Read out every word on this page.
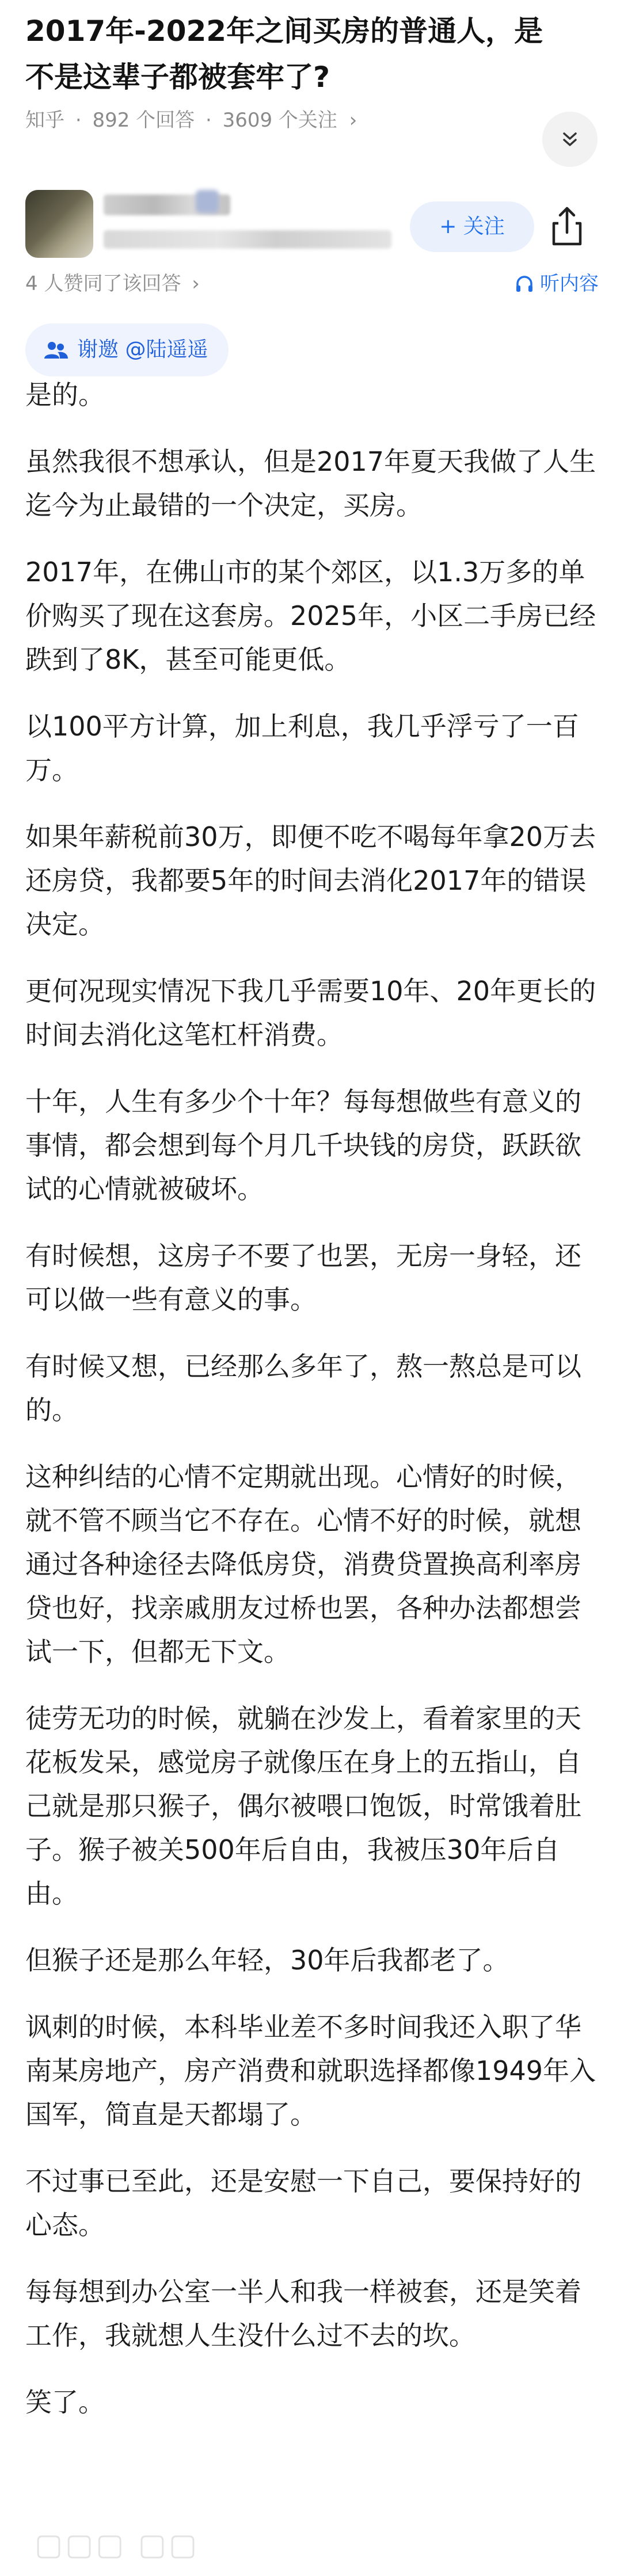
2017年-2022年之间买房的普通人，是不是这辈子都被套牢了?
知乎 · 892 个回答 · 3609 个关注 ›
+ 关注
4 人赞同了该回答 ›	听内容
谢邀 @陆遥遥

是的。

虽然我很不想承认，但是2017年夏天我做了人生迄今为止最错的一个决定，买房。

2017年，在佛山市的某个郊区，以1.3万多的单价购买了现在这套房。2025年，小区二手房已经跌到了8K，甚至可能更低。

以100平方计算，加上利息，我几乎浮亏了一百万。

如果年薪税前30万，即便不吃不喝每年拿20万去还房贷，我都要5年的时间去消化2017年的错误决定。

更何况现实情况下我几乎需要10年、20年更长的时间去消化这笔杠杆消费。

十年，人生有多少个十年？每每想做些有意义的事情，都会想到每个月几千块钱的房贷，跃跃欲试的心情就被破坏。

有时候想，这房子不要了也罢，无房一身轻，还可以做一些有意义的事。

有时候又想，已经那么多年了，熬一熬总是可以的。

这种纠结的心情不定期就出现。心情好的时候，就不管不顾当它不存在。心情不好的时候，就想通过各种途径去降低房贷，消费贷置换高利率房贷也好，找亲戚朋友过桥也罢，各种办法都想尝试一下，但都无下文。

徒劳无功的时候，就躺在沙发上，看着家里的天花板发呆，感觉房子就像压在身上的五指山，自己就是那只猴子，偶尔被喂口饱饭，时常饿着肚子。猴子被关500年后自由，我被压30年后自由。

但猴子还是那么年轻，30年后我都老了。

讽刺的时候，本科毕业差不多时间我还入职了华南某房地产，房产消费和就职选择都像1949年入国军，简直是天都塌了。

不过事已至此，还是安慰一下自己，要保持好的心态。

每每想到办公室一半人和我一样被套，还是笑着工作，我就想人生没什么过不去的坎。

笑了。

▢▢▢ ▢▢
